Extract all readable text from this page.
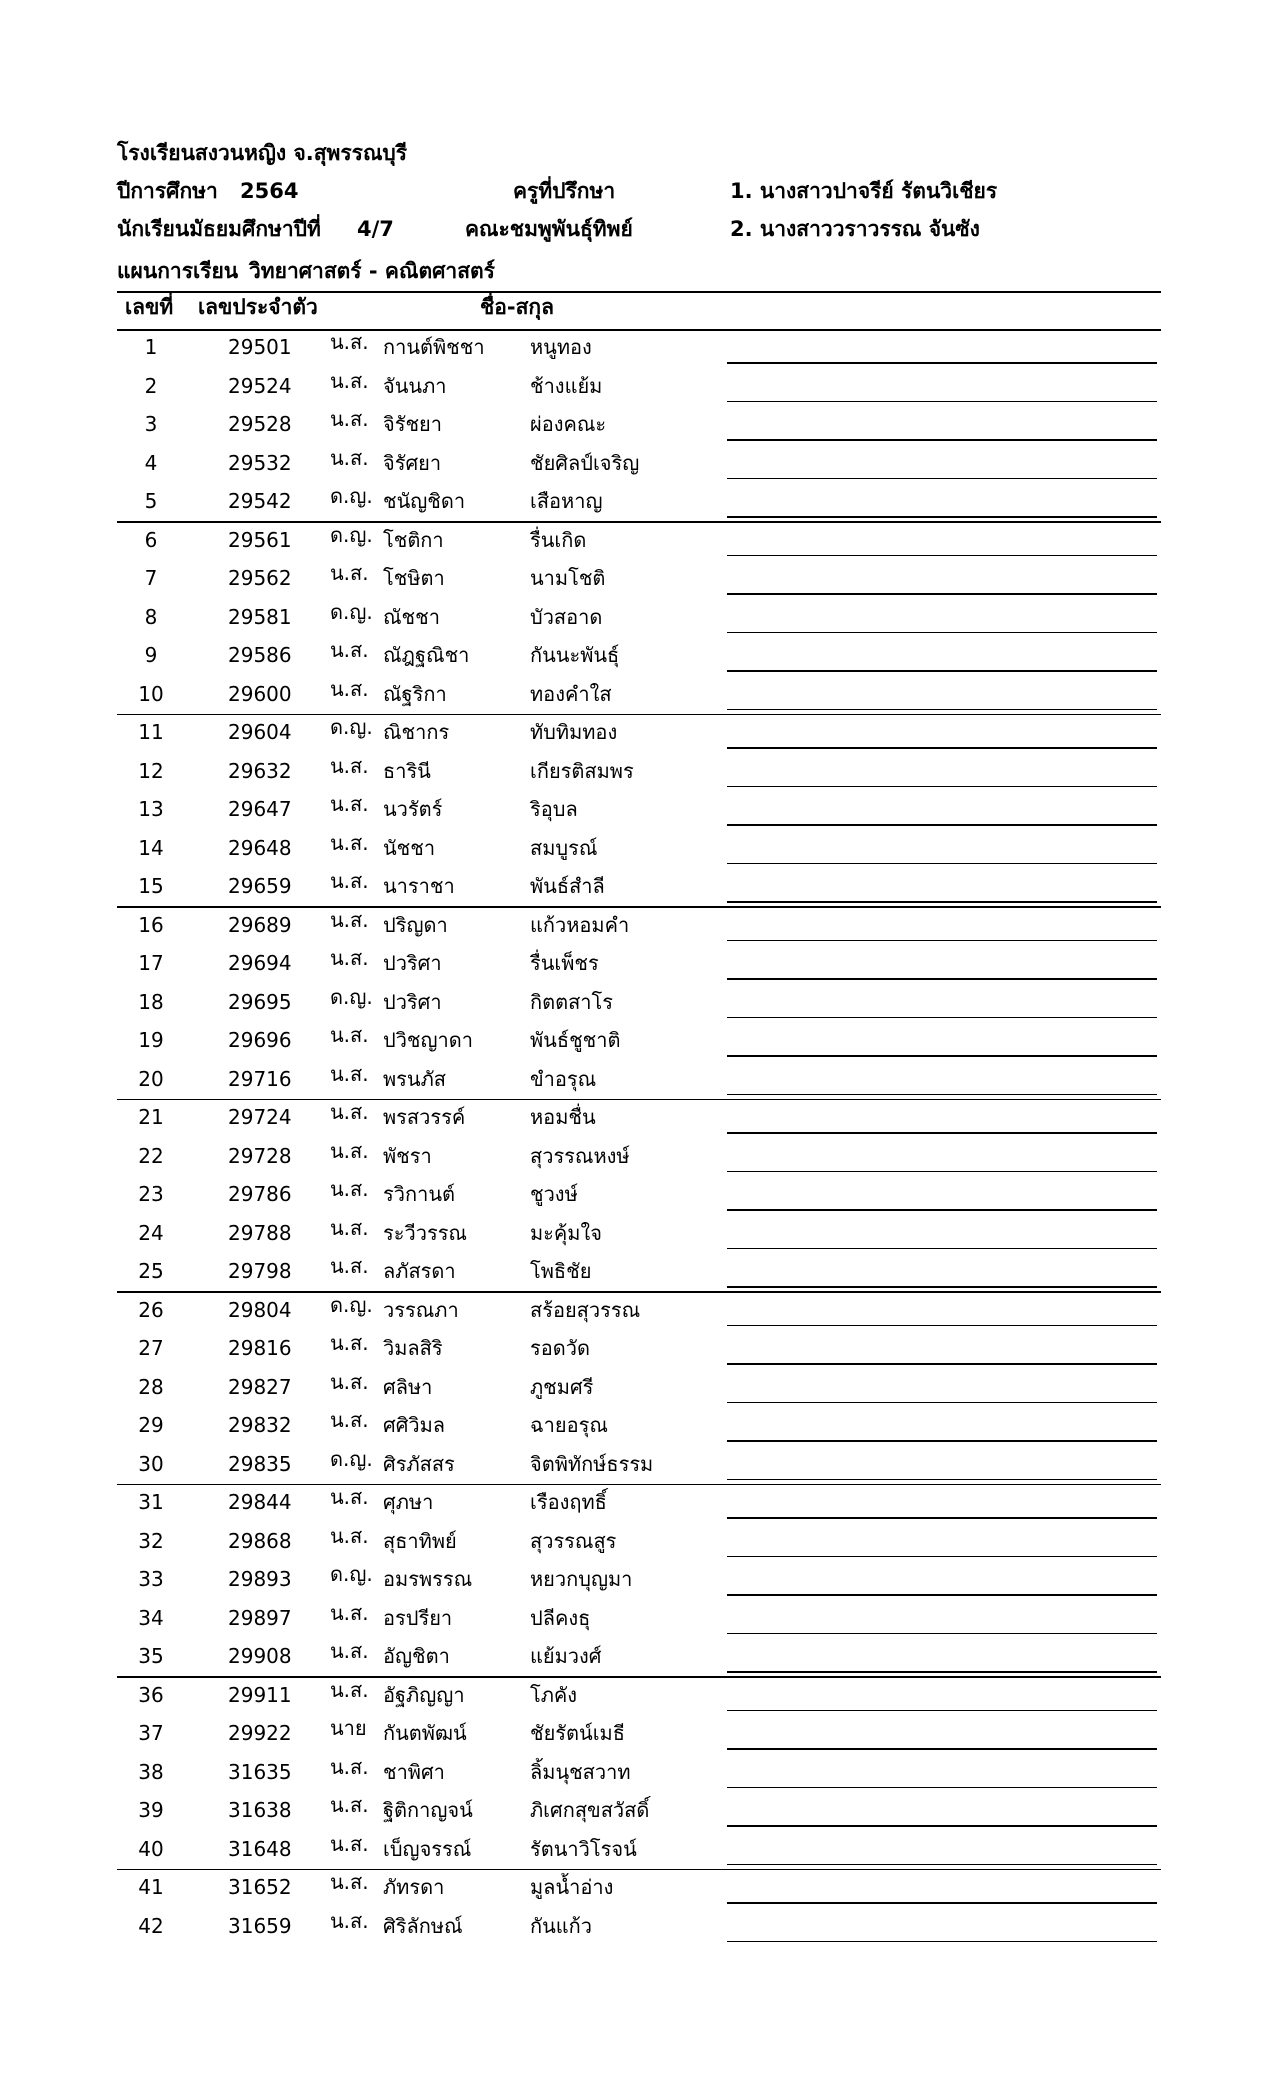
โรงเรียนสงวนหญิง จ.สุพรรณบุรี
ปีการศึกษา 2564	ครูที่ปรึกษา	1. นางสาวปาจรีย์ รัตนวิเชียร
นักเรียนมัธยมศึกษาปีที่ 4/7	คณะชมพูพันธุ์ทิพย์	2. นางสาววราวรรณ จันซัง
แผนการเรียน วิทยาศาสตร์ - คณิตศาสตร์
เลขที่ เลขประจำตัว	ชื่อ-สกุล
1	29501 น.ส. กานต์พิชชา หนูทอง
2	29524 น.ส. จันนภา	ช้างแย้ม
3	29528 น.ส. จิรัชยา	ผ่องคณะ
4	29532 น.ส. จิรัศยา	ชัยศิลป์เจริญ
5	29542 ด.ญ. ชนัญชิดา	เสือหาญ
6	29561 ด.ญ. โชติกา	รื่นเกิด
7	29562 น.ส. โชษิตา	นามโชติ
8	29581 ด.ญ. ณัชชา	บัวสอาด
9	29586 น.ส. ณัฎฐณิชา	กันนะพันธุ์
10	29600 น.ส. ณัฐริกา	ทองคำใส
11	29604 ด.ญ. ณิชากร	ทับทิมทอง
12	29632 น.ส. ธารินี	เกียรติสมพร
13	29647 น.ส. นวรัตร์	ริอุบล
14	29648 น.ส. นัชชา	สมบูรณ์
15	29659 น.ส. นาราชา	พันธ์สำลี
16	29689 น.ส. ปริญดา	แก้วหอมคำ
17	29694 น.ส. ปวริศา	รื่นเพ็ชร
18	29695 ด.ญ. ปวริศา	กิตตสาโร
19	29696 น.ส. ปวิชญาดา	พันธ์ชูชาติ
20	29716 น.ส. พรนภัส	ขำอรุณ
21	29724 น.ส. พรสวรรค์	หอมชื่น
22	29728 น.ส. พัชรา	สุวรรณหงษ์
23	29786 น.ส. รวิกานต์	ชูวงษ์
24	29788 น.ส. ระวีวรรณ	มะคุ้มใจ
25	29798 น.ส. ลภัสรดา	โพธิชัย
26	29804 ด.ญ. วรรณภา	สร้อยสุวรรณ
27	29816 น.ส. วิมลสิริ	รอดวัด
28	29827 น.ส. ศลิษา	ภูชมศรี
29	29832 น.ส. ศศิวิมล	ฉายอรุณ
30	29835 ด.ญ. ศิรภัสสร	จิตพิทักษ์ธรรม
31	29844 น.ส. ศุภษา	เรืองฤทธิ์
32	29868 น.ส. สุธาทิพย์	สุวรรณสูร
33	29893 ด.ญ. อมรพรรณ	หยวกบุญมา
34	29897 น.ส. อรปรียา	ปลีคงธุ
35	29908 น.ส. อัญชิตา	แย้มวงศ์
36	29911 น.ส. อัฐภิญญา	โภคัง
37	29922 นาย กันตพัฒน์	ชัยรัตน์เมธี
38	31635 น.ส. ชาพิศา	ลิ้มนุชสวาท
39	31638 น.ส. ฐิติกาญจน์	ภิเศกสุขสวัสดิ์
40	31648 น.ส. เบ็ญจรรณ์	รัตนาวิโรจน์
41	31652 น.ส. ภัทรดา	มูลน้ำอ่าง
42	31659 น.ส. ศิริลักษณ์	กันแก้ว
